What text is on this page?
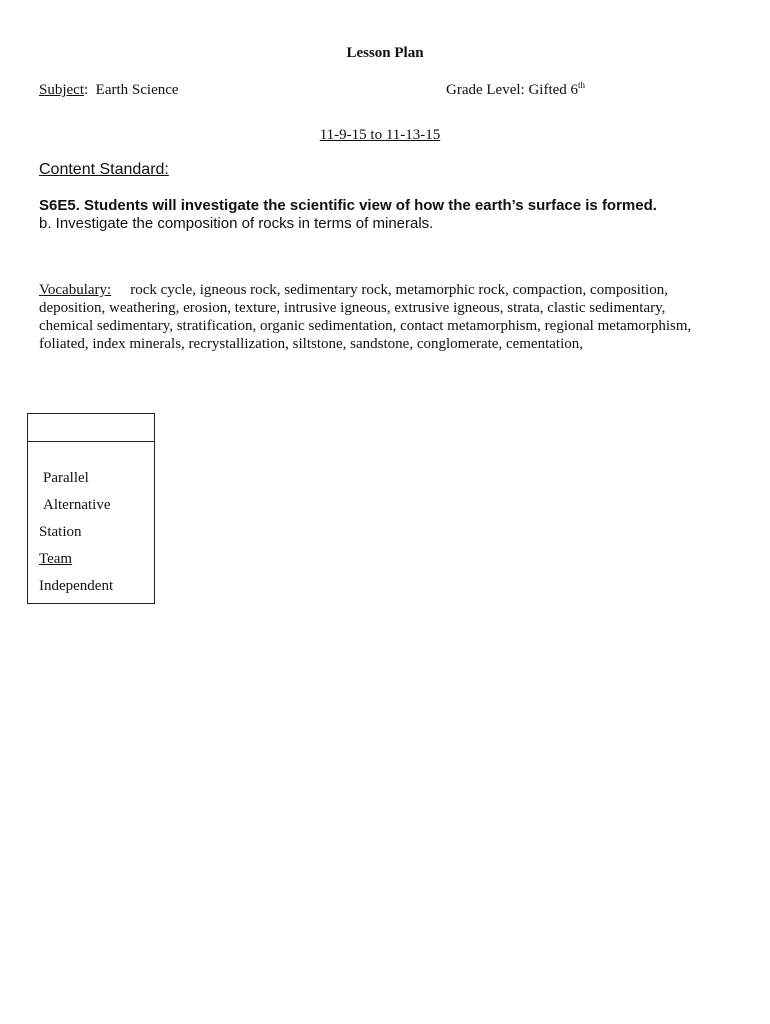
Lesson Plan
Subject: Earth Science	Grade Level: Gifted 6th
11-9-15 to 11-13-15
Content Standard:
S6E5. Students will investigate the scientific view of how the earth’s surface is formed.
b. Investigate the composition of rocks in terms of minerals.
Vocabulary: rock cycle, igneous rock, sedimentary rock, metamorphic rock, compaction, composition, deposition, weathering, erosion, texture, intrusive igneous, extrusive igneous, strata, clastic sedimentary, chemical sedimentary, stratification, organic sedimentation, contact metamorphism, regional metamorphism, foliated, index minerals, recrystallization, siltstone, sandstone, conglomerate, cementation,
Parallel
Alternative
Station
Team
Independent
